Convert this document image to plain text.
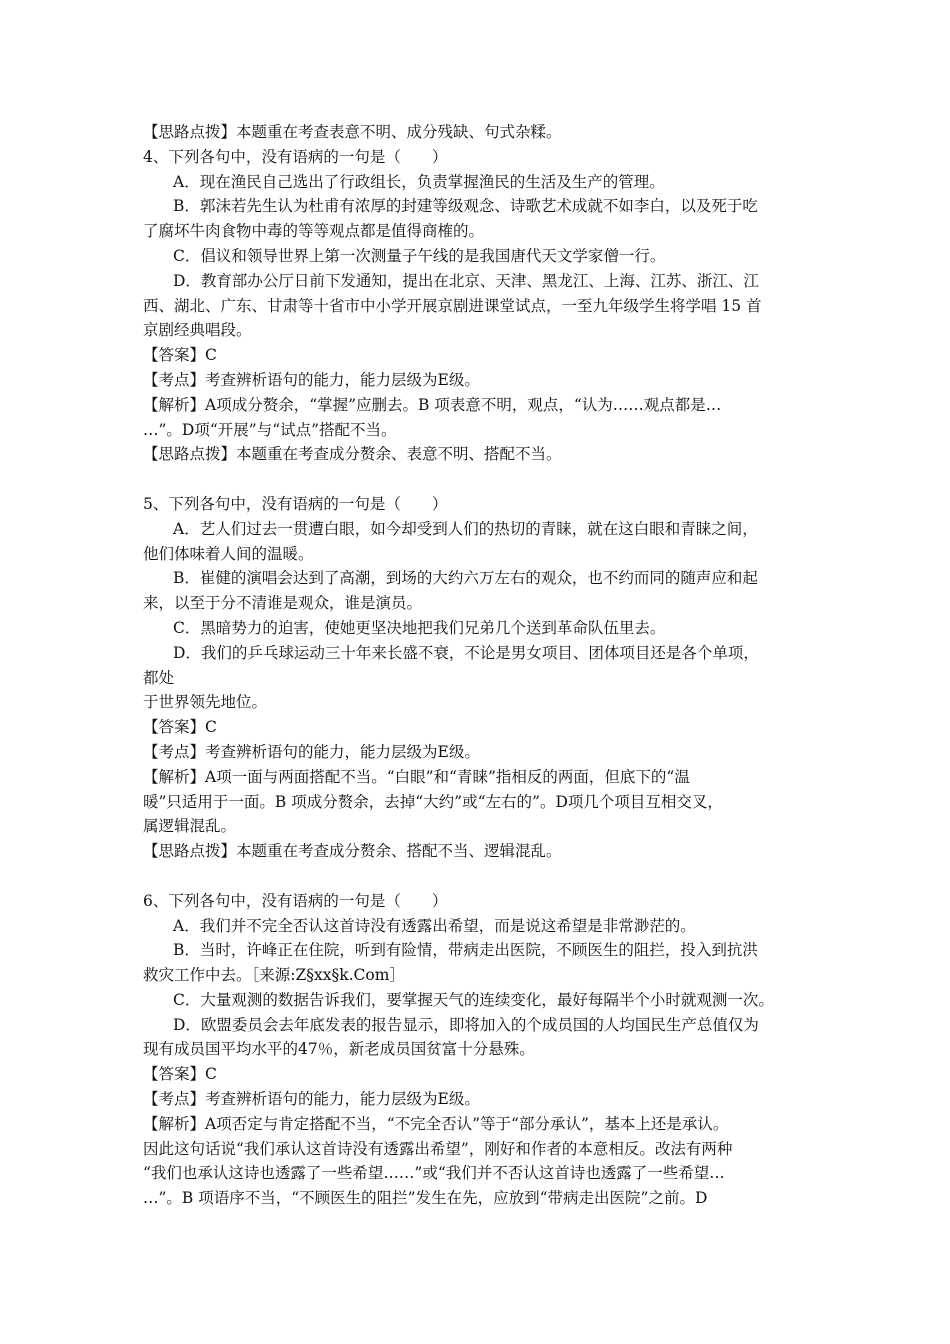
【思路点拨】本题重在考查表意不明、成分残缺、句式杂糅。
4、下列各句中，没有语病的一句是（　　）
A．现在渔民自己选出了行政组长，负责掌握渔民的生活及生产的管理。
B．郭沫若先生认为杜甫有浓厚的封建等级观念、诗歌艺术成就不如李白，以及死于吃
了腐坏牛肉食物中毒的等等观点都是值得商榷的。
C．倡议和领导世界上第一次测量子午线的是我国唐代天文学家僧一行。
D．教育部办公厅日前下发通知，提出在北京、天津、黑龙江、上海、江苏、浙江、江
西、湖北、广东、甘肃等十省市中小学开展京剧进课堂试点，一至九年级学生将学唱 15 首
京剧经典唱段。
【答案】C
【考点】考查辨析语句的能力，能力层级为E级。
【解析】A项成分赘余，“掌握”应删去。B 项表意不明，观点，“认为……观点都是…
…”。D项“开展”与“试点”搭配不当。
【思路点拨】本题重在考查成分赘余、表意不明、搭配不当。
5、下列各句中，没有语病的一句是（　　）
A．艺人们过去一贯遭白眼，如今却受到人们的热切的青睐，就在这白眼和青睐之间，
他们体味着人间的温暖。
B．崔健的演唱会达到了高潮，到场的大约六万左右的观众，也不约而同的随声应和起
来，以至于分不清谁是观众，谁是演员。
C．黑暗势力的迫害，使她更坚决地把我们兄弟几个送到革命队伍里去。
D．我们的乒乓球运动三十年来长盛不衰，不论是男女项目、团体项目还是各个单项，
都处
于世界领先地位。
【答案】C
【考点】考查辨析语句的能力，能力层级为E级。
【解析】A项一面与两面搭配不当。“白眼”和“青睐”指相反的两面，但底下的“温
暖”只适用于一面。B 项成分赘余，去掉“大约”或“左右的”。D项几个项目互相交叉，
属逻辑混乱。
【思路点拨】本题重在考查成分赘余、搭配不当、逻辑混乱。
6、下列各句中，没有语病的一句是（　　）
A．我们并不完全否认这首诗没有透露出希望，而是说这希望是非常渺茫的。
B．当时，许峰正在住院，听到有险情，带病走出医院，不顾医生的阻拦，投入到抗洪
救灾工作中去。［来源:Z§xx§k.Com］
C．大量观测的数据告诉我们，要掌握天气的连续变化，最好每隔半个小时就观测一次。
D．欧盟委员会去年底发表的报告显示，即将加入的个成员国的人均国民生产总值仅为
现有成员国平均水平的47％，新老成员国贫富十分悬殊。
【答案】C
【考点】考查辨析语句的能力，能力层级为E级。
【解析】A项否定与肯定搭配不当，“不完全否认”等于“部分承认”，基本上还是承认。
因此这句话说“我们承认这首诗没有透露出希望”，刚好和作者的本意相反。改法有两种
“我们也承认这诗也透露了一些希望……”或“我们并不否认这首诗也透露了一些希望…
…”。B 项语序不当，“不顾医生的阻拦”发生在先，应放到“带病走出医院”之前。D
